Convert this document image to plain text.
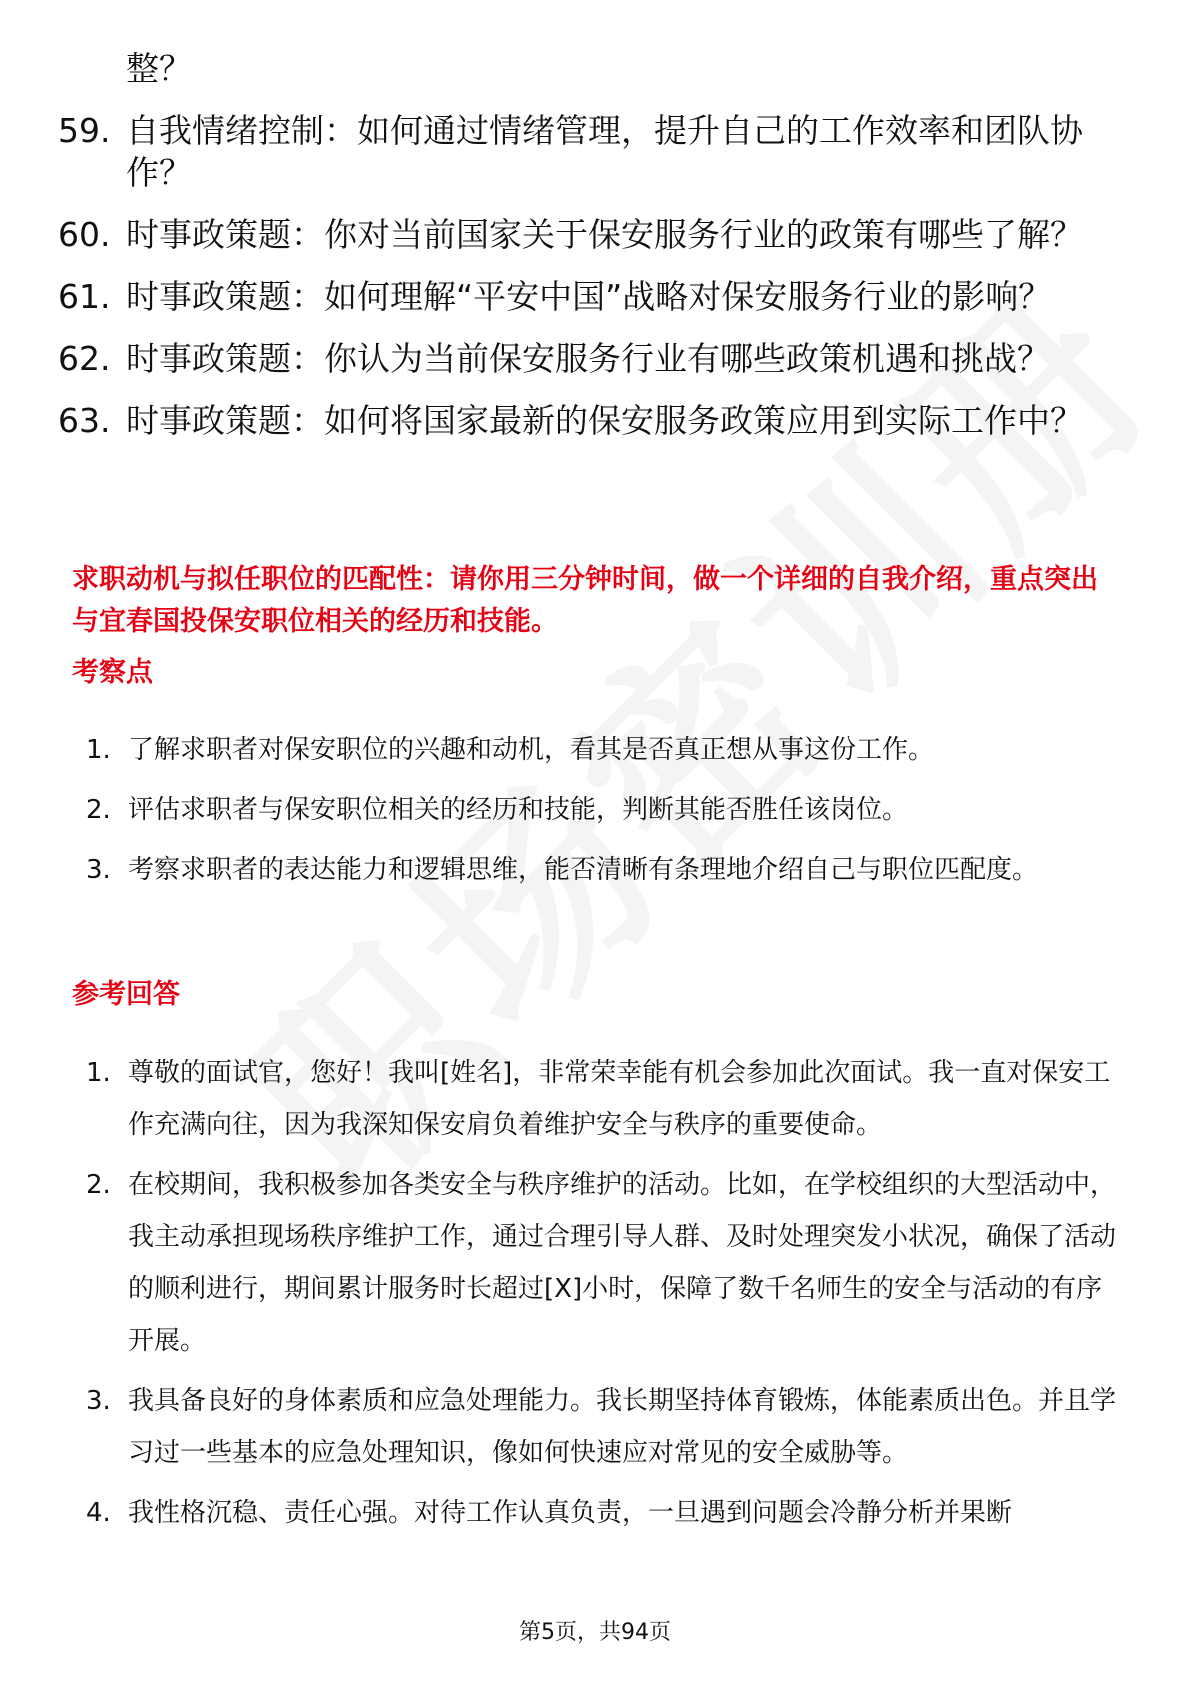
整？
59. 自我情绪控制：如何通过情绪管理，提升自己的工作效率和团队协作？
60. 时事政策题：你对当前国家关于保安服务行业的政策有哪些了解？
61. 时事政策题：如何理解“平安中国”战略对保安服务行业的影响？
62. 时事政策题：你认为当前保安服务行业有哪些政策机遇和挑战？
63. 时事政策题：如何将国家最新的保安服务政策应用到实际工作中？
求职动机与拟任职位的匹配性：请你用三分钟时间，做一个详细的自我介绍，重点突出与宜春国投保安职位相关的经历和技能。
考察点
1. 了解求职者对保安职位的兴趣和动机，看其是否真正想从事这份工作。
2. 评估求职者与保安职位相关的经历和技能，判断其能否胜任该岗位。
3. 考察求职者的表达能力和逻辑思维，能否清晰有条理地介绍自己与职位匹配度。
参考回答
1. 尊敬的面试官，您好！我叫[姓名]，非常荣幸能有机会参加此次面试。我一直对保安工作充满向往，因为我深知保安肩负着维护安全与秩序的重要使命。
2. 在校期间，我积极参加各类安全与秩序维护的活动。比如，在学校组织的大型活动中，我主动承担现场秩序维护工作，通过合理引导人群、及时处理突发小状况，确保了活动的顺利进行，期间累计服务时长超过[X]小时，保障了数千名师生的安全与活动的有序开展。
3. 我具备良好的身体素质和应急处理能力。我长期坚持体育锻炼，体能素质出色。并且学习过一些基本的应急处理知识，像如何快速应对常见的安全威胁等。
4. 我性格沉稳、责任心强。对待工作认真负责，一旦遇到问题会冷静分析并果断
第5页，共94页
